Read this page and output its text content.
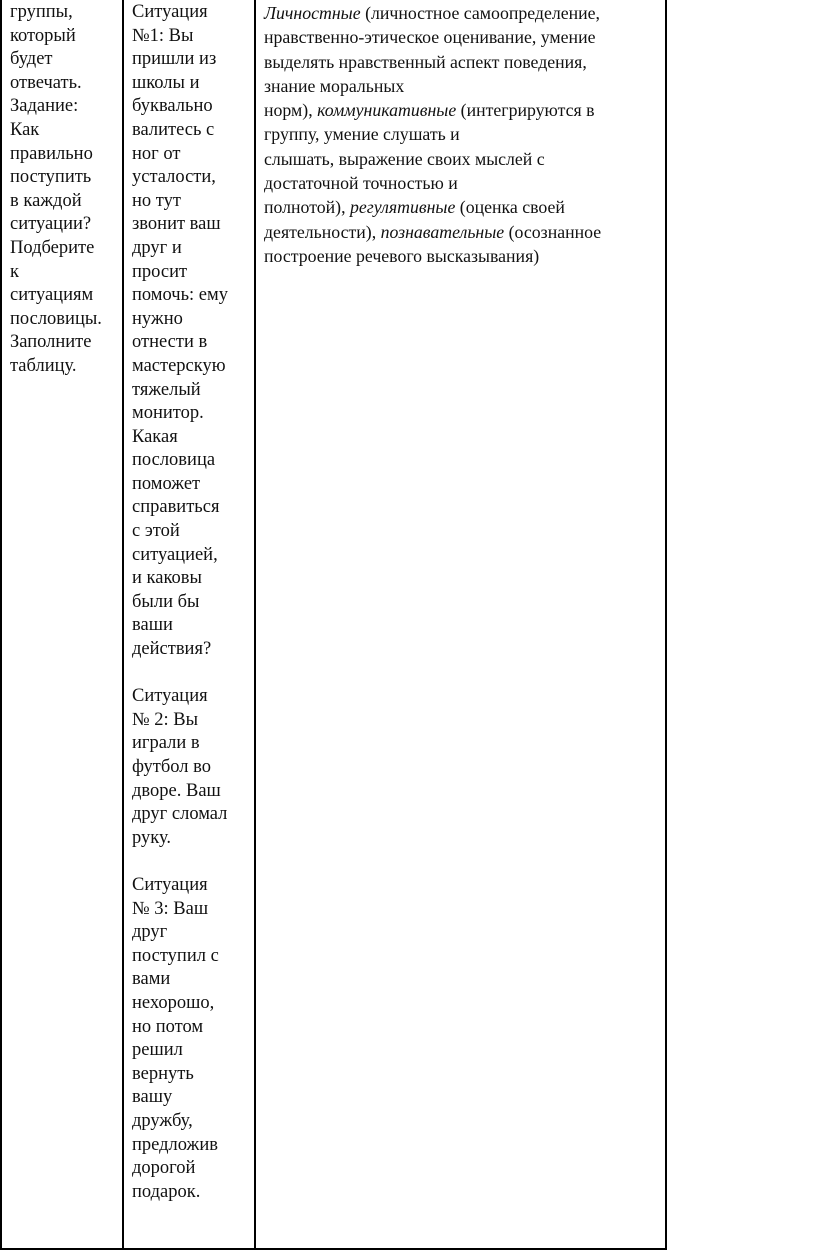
группы,
который
будет
отвечать.
Задание:
Как
правильно
поступить
в каждой
ситуации?
Подберите
к
ситуациям
пословицы.
Заполните
таблицу.

Ситуация
№1: Вы
пришли из
школы и
буквально
валитесь с
ног от
усталости,
но тут
звонит ваш
друг и
просит
помочь: ему
нужно
отнести в
мастерскую
тяжелый
монитор.
Какая
пословица
поможет
справиться
с этой
ситуацией,
и каковы
были бы
ваши
действия?
Ситуация
№ 2: Вы
играли в
футбол во
дворе. Ваш
друг сломал
руку.
Ситуация
№ 3: Ваш
друг
поступил с
вами
нехорошо,
но потом
решил
вернуть
вашу
дружбу,
предложив
дорогой
подарок.

Личностные (личностное самоопределение,
нравственно-этическое оценивание, умение
выделять нравственный аспект поведения,
знание моральных
норм), коммуникативные (интегрируются в
группу, умение слушать и
слышать, выражение своих мыслей с
достаточной точностью и
полнотой), регулятивные (оценка своей
деятельности), познавательные (осознанное
построение речевого высказывания)
